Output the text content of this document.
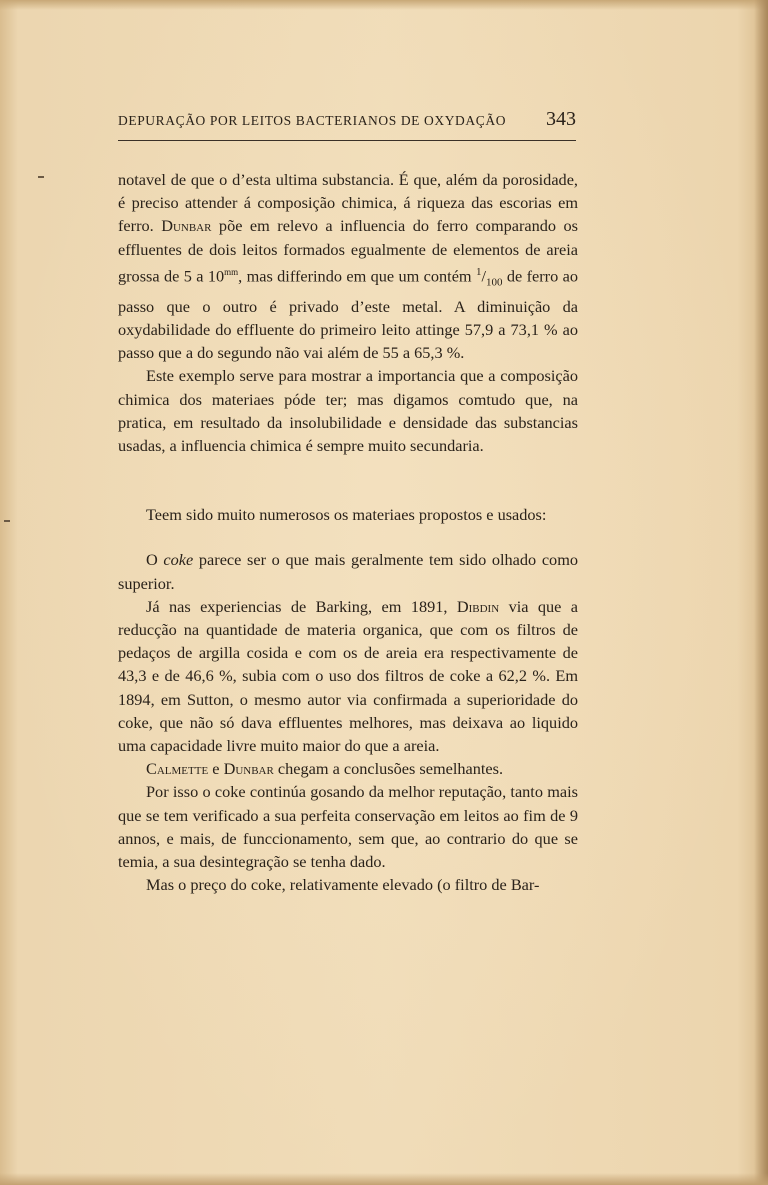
DEPURAÇÃO POR LEITOS BACTERIANOS DE OXYDAÇÃO 343

notavel de que o d’esta ultima substancia. É que, além da porosidade, é preciso attender á composição chimica, á riqueza das escorias em ferro. Dunbar põe em relevo a influencia do ferro comparando os effluentes de dois leitos formados egualmente de elementos de areia grossa de 5 a $10^{mm}$, mas differindo em que um contém $^1/_{100}$ de ferro ao passo que o outro é privado d’este metal. A diminuição da oxydabilidade do effluente do primeiro leito attinge 57,9 a 73,1 % ao passo que a do segundo não vai além de 55 a 65,3 %.

Este exemplo serve para mostrar a importancia que a composição chimica dos materiaes póde ter; mas digamos comtudo que, na pratica, em resultado da insolubilidade e densidade das substancias usadas, a influencia chimica é sempre muito secundaria.

Teem sido muito numerosos os materiaes propostos e usados:

O coke parece ser o que mais geralmente tem sido olhado como superior.

Já nas experiencias de Barking, em 1891, Dibdin via que a reducção na quantidade de materia organica, que com os filtros de pedaços de argilla cosida e com os de areia era respectivamente de 43,3 e de 46,6 %, subia com o uso dos filtros de coke a 62,2 %. Em 1894, em Sutton, o mesmo autor via confirmada a superioridade do coke, que não só dava effluentes melhores, mas deixava ao liquido uma capacidade livre muito maior do que a areia.

Calmette e Dunbar chegam a conclusões semelhantes.

Por isso o coke continúa gosando da melhor reputação, tanto mais que se tem verificado a sua perfeita conservação em leitos ao fim de 9 annos, e mais, de funccionamento, sem que, ao contrario do que se temia, a sua desintegração se tenha dado.

Mas o preço do coke, relativamente elevado (o filtro de Bar-
